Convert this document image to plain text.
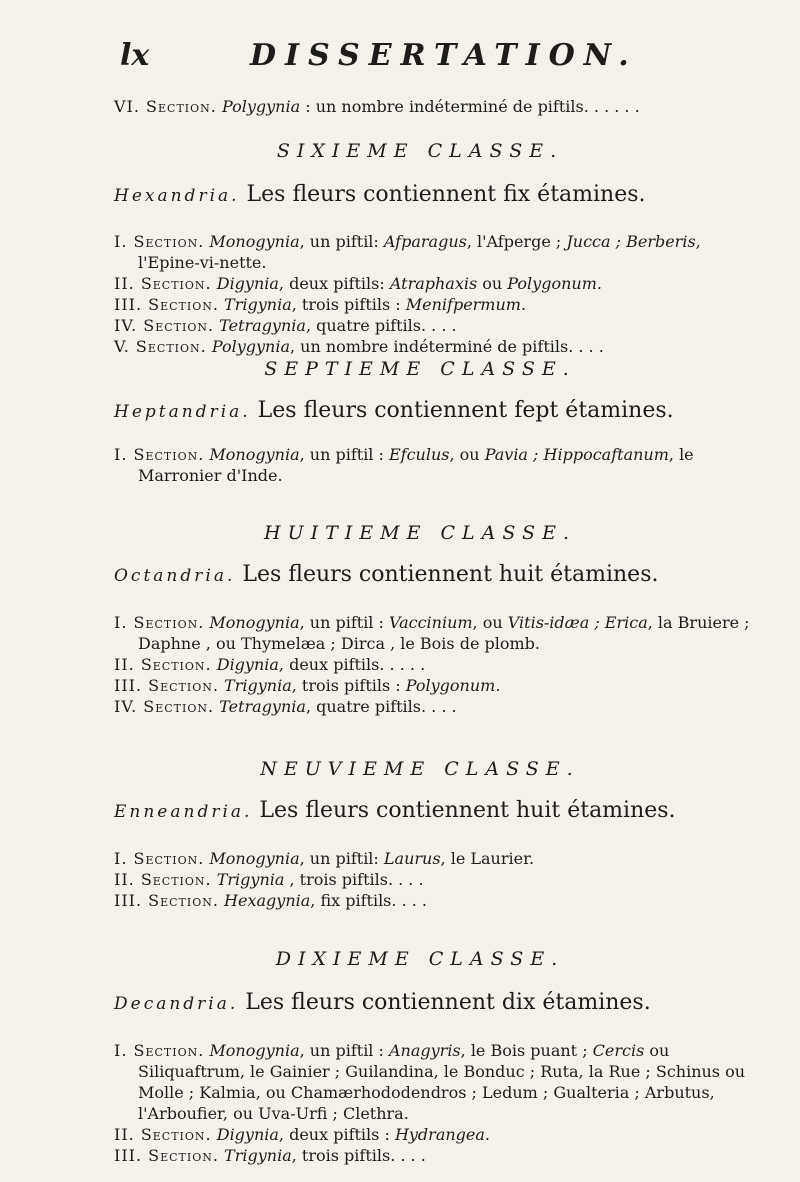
lx	DISSERTATION.
VI. Section. Polygynia : un nombre indéterminé de piftils. . . . . .
SIXIEME CLASSE.
Hexandria. Les fleurs contiennent fix étamines.

I. Section. Monogynia, un piftil: Afparagus, l'Afperge ; Jucca ; Berberis, l'Epine-vi-nette.

II. Section. Digynia, deux piftils: Atraphaxis ou Polygonum.

III. Section. Trigynia, trois piftils : Menifpermum.

IV. Section. Tetragynia, quatre piftils. . . .

V. Section. Polygynia, un nombre indéterminé de piftils. . . .

SEPTIEME CLASSE.
Heptandria. Les fleurs contiennent fept étamines.

I. Section. Monogynia, un piftil : Efculus, ou Pavia ; Hippocaftanum, le Marronier d'Inde.

HUITIEME CLASSE.
Octandria. Les fleurs contiennent huit étamines.

I. Section. Monogynia, un piftil : Vaccinium, ou Vitis-idæa ; Erica, la Bruiere ; Daphne , ou Thymelæa ; Dirca , le Bois de plomb.

II. Section. Digynia, deux piftils. . . . .

III. Section. Trigynia, trois piftils : Polygonum.

IV. Section. Tetragynia, quatre piftils. . . .

NEUVIEME CLASSE.
Enneandria. Les fleurs contiennent huit étamines.

I. Section. Monogynia, un piftil: Laurus, le Laurier.

II. Section. Trigynia , trois piftils. . . .

III. Section. Hexagynia, fix piftils. . . .

DIXIEME CLASSE.
Decandria. Les fleurs contiennent dix étamines.

I. Section. Monogynia, un piftil : Anagyris, le Bois puant ; Cercis ou Siliquaftrum, le Gainier ; Guilandina, le Bonduc ; Ruta, la Rue ; Schinus ou Molle ; Kalmia, ou Chamærhododendros ; Ledum ; Gualteria ; Arbutus, l'Arboufier, ou Uva-Urfi ; Clethra.

II. Section. Digynia, deux piftils : Hydrangea.

III. Section. Trigynia, trois piftils. . . .
